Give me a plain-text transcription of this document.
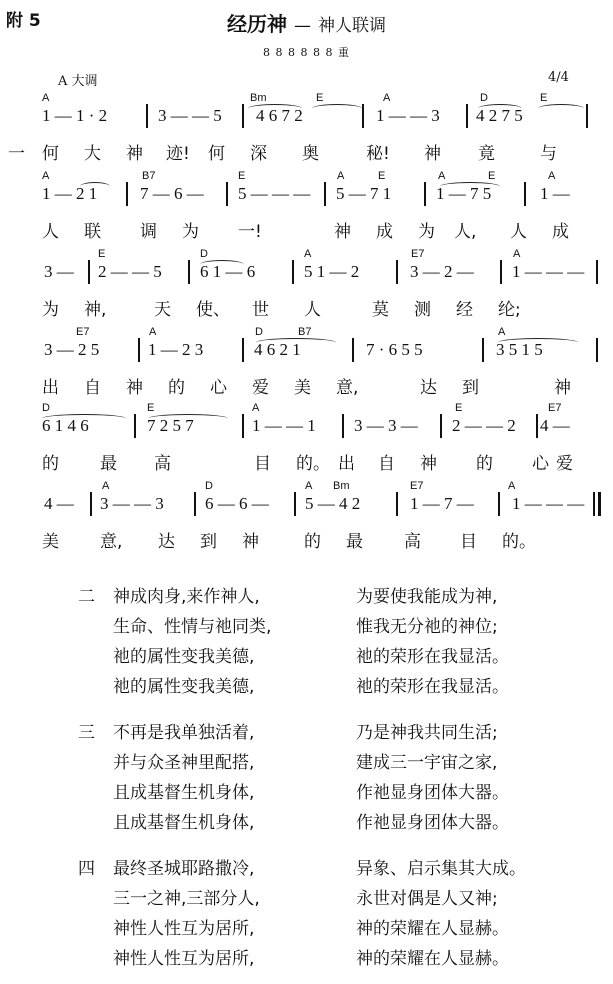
附 5	经历神 — 神人联调
8 8 8 8 8 8 重
A 大调	4/4
A	Bm	E	A	D	E
1 — 1 · 2	3 — — 5 4 6 7 2	1 — — 3 4 2 7 5
一 何 大 神 迹! 何 深 奥	秘! 神 竟	与
A	B7	E	A	E	A	E	A
1 — 2 1	7 — 6 — 5 — — — 5 — 7 1	1 — 7 5	1 —
人 联 调 为 一!	神 成 为 人, 人 成
E	D	A	E7	A
3 — 2 — — 5 6 1 — 6	5 1 — 2	3 — 2 — 1 — — —
为 神,	天 使、 世 人	莫 测 经 纶;
E7	A	D	B7	A
3 — 2 5	1 — 2 3	4 6 2 1	7 · 6 5 5	3 5 1 5
出 自 神 的 心 爱 美 意,	达 到	神
D	E	A	E	E7
6 1 4 6	7 2 5 7	1 — — 1 3 — 3 — 2 — — 2 4 —
的 最 高	目 的。 出 自 神 的 心 爱
A	D	A Bm	E7	A
4 — 3 — — 3 6 — 6 — 5 — 4 2	1 — 7 — 1 — — —
美 意, 达 到 神	的 最 高 目 的。
二 神成肉身,来作神人,	为要使我能成为神,
生命、性情与祂同类,	惟我无分祂的神位;
祂的属性变我美德,	祂的荣形在我显活。
祂的属性变我美德,	祂的荣形在我显活。
三 不再是我单独活着,	乃是神我共同生活;
并与众圣神里配搭,	建成三一宇宙之家,
且成基督生机身体,	作祂显身团体大器。
且成基督生机身体,	作祂显身团体大器。
四 最终圣城耶路撒冷,	异象、启示集其大成。
三一之神,三部分人,	永世对偶是人又神;
神性人性互为居所,	神的荣耀在人显赫。
神性人性互为居所,	神的荣耀在人显赫。
